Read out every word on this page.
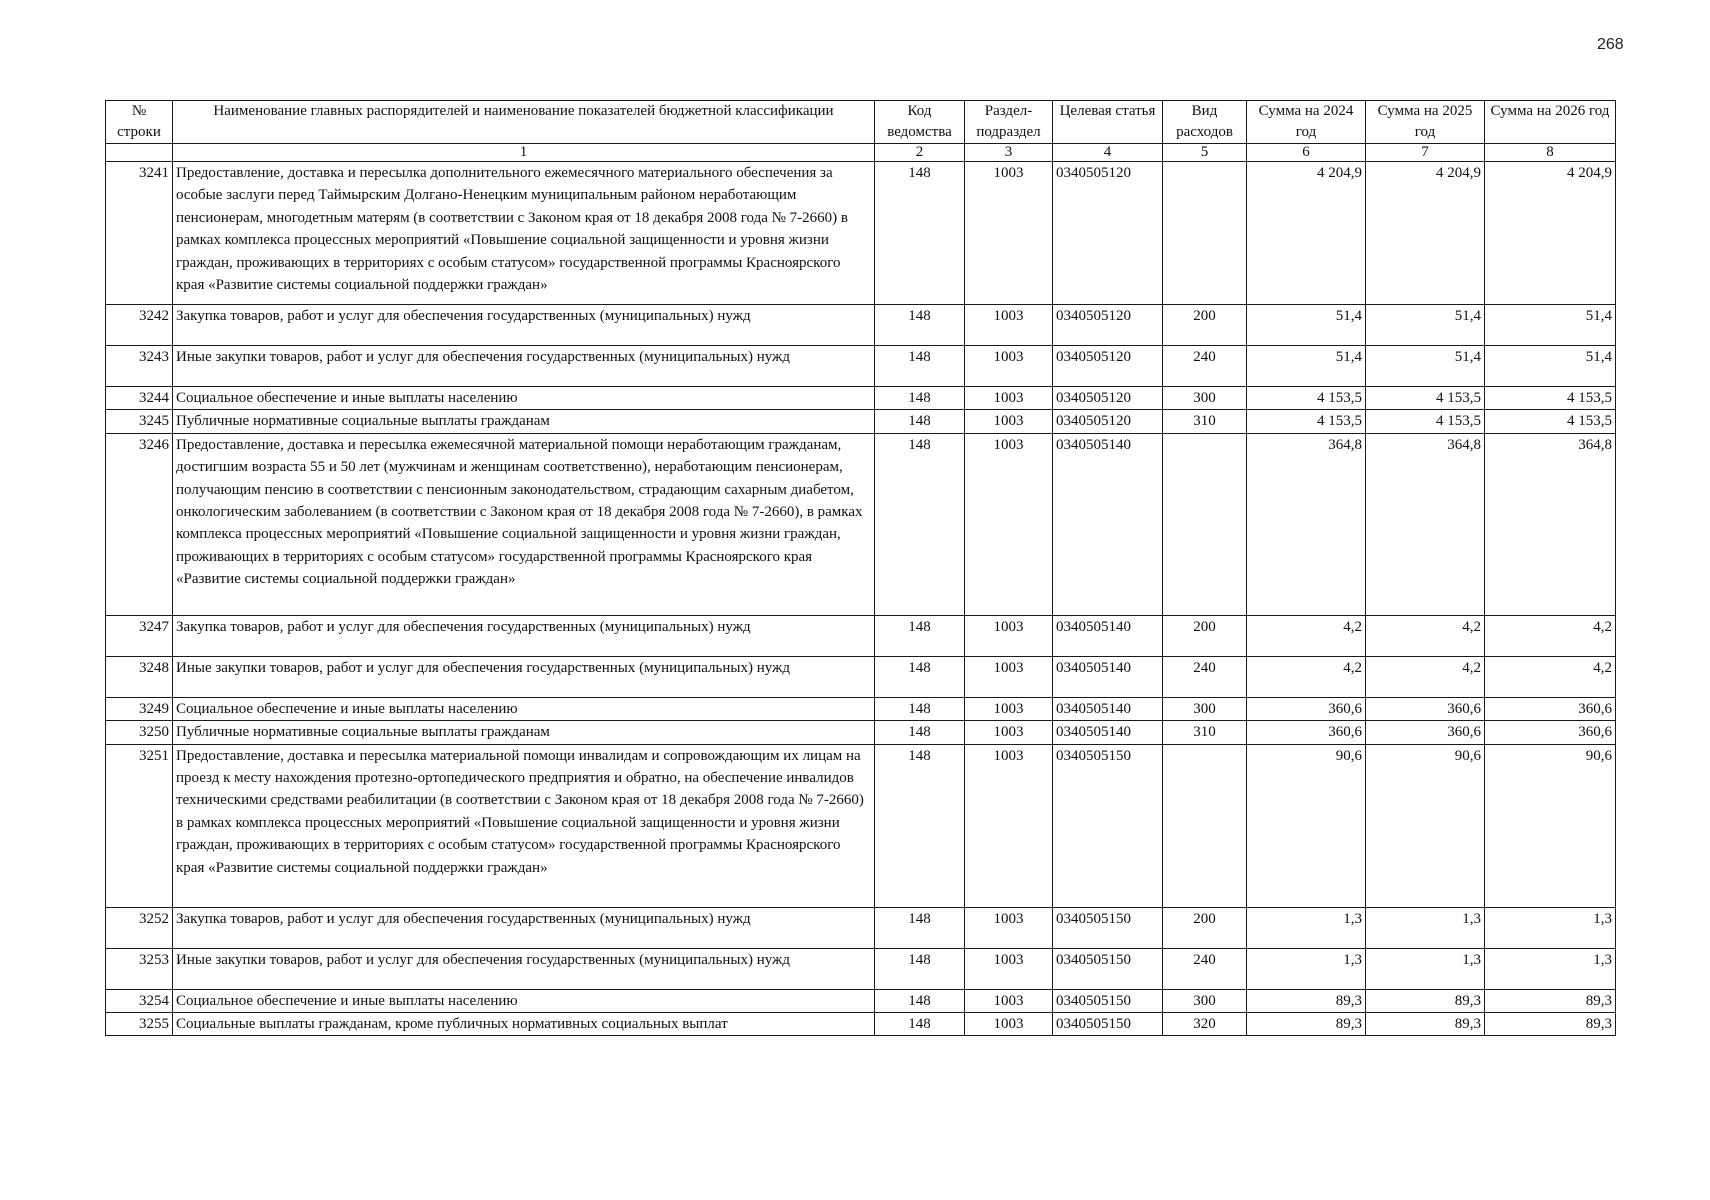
268
№ строки	Наименование главных распорядителей и наименование показателей бюджетной классификации	Код ведомства	Раздел-подраздел	Целевая статья	Вид расходов	Сумма на 2024 год	Сумма на 2025 год	Сумма на 2026 год
	1	2	3	4	5	6	7	8
3241	Предоставление, доставка и пересылка дополнительного ежемесячного материального обеспечения за особые заслуги перед Таймырским Долгано-Ненецким муниципальным районом неработающим пенсионерам, многодетным матерям (в соответствии с Законом края от 18 декабря 2008 года № 7-2660) в рамках комплекса процессных мероприятий «Повышение социальной защищенности и уровня жизни граждан, проживающих в территориях с особым статусом» государственной программы Красноярского края «Развитие системы социальной поддержки граждан»	148	1003	0340505120		4 204,9	4 204,9	4 204,9
3242	Закупка товаров, работ и услуг для обеспечения государственных (муниципальных) нужд	148	1003	0340505120	200	51,4	51,4	51,4
3243	Иные закупки товаров, работ и услуг для обеспечения государственных (муниципальных) нужд	148	1003	0340505120	240	51,4	51,4	51,4
3244	Социальное обеспечение и иные выплаты населению	148	1003	0340505120	300	4 153,5	4 153,5	4 153,5
3245	Публичные нормативные социальные выплаты гражданам	148	1003	0340505120	310	4 153,5	4 153,5	4 153,5
3246	Предоставление, доставка и пересылка ежемесячной материальной помощи неработающим гражданам, достигшим возраста 55 и 50 лет (мужчинам и женщинам соответственно), неработающим пенсионерам, получающим пенсию в соответствии с пенсионным законодательством, страдающим сахарным диабетом, онкологическим заболеванием (в соответствии с Законом края от 18 декабря 2008 года № 7-2660), в рамках комплекса процессных мероприятий «Повышение социальной защищенности и уровня жизни граждан, проживающих в территориях с особым статусом» государственной программы Красноярского края «Развитие системы социальной поддержки граждан»	148	1003	0340505140		364,8	364,8	364,8
3247	Закупка товаров, работ и услуг для обеспечения государственных (муниципальных) нужд	148	1003	0340505140	200	4,2	4,2	4,2
3248	Иные закупки товаров, работ и услуг для обеспечения государственных (муниципальных) нужд	148	1003	0340505140	240	4,2	4,2	4,2
3249	Социальное обеспечение и иные выплаты населению	148	1003	0340505140	300	360,6	360,6	360,6
3250	Публичные нормативные социальные выплаты гражданам	148	1003	0340505140	310	360,6	360,6	360,6
3251	Предоставление, доставка и пересылка материальной помощи инвалидам и сопровождающим их лицам на проезд к месту нахождения протезно-ортопедического предприятия и обратно, на обеспечение инвалидов техническими средствами реабилитации (в соответствии с Законом края от 18 декабря 2008 года № 7-2660) в рамках комплекса процессных мероприятий «Повышение социальной защищенности и уровня жизни граждан, проживающих в территориях с особым статусом» государственной программы Красноярского края «Развитие системы социальной поддержки граждан»	148	1003	0340505150		90,6	90,6	90,6
3252	Закупка товаров, работ и услуг для обеспечения государственных (муниципальных) нужд	148	1003	0340505150	200	1,3	1,3	1,3
3253	Иные закупки товаров, работ и услуг для обеспечения государственных (муниципальных) нужд	148	1003	0340505150	240	1,3	1,3	1,3
3254	Социальное обеспечение и иные выплаты населению	148	1003	0340505150	300	89,3	89,3	89,3
3255	Социальные выплаты гражданам, кроме публичных нормативных социальных выплат	148	1003	0340505150	320	89,3	89,3	89,3
